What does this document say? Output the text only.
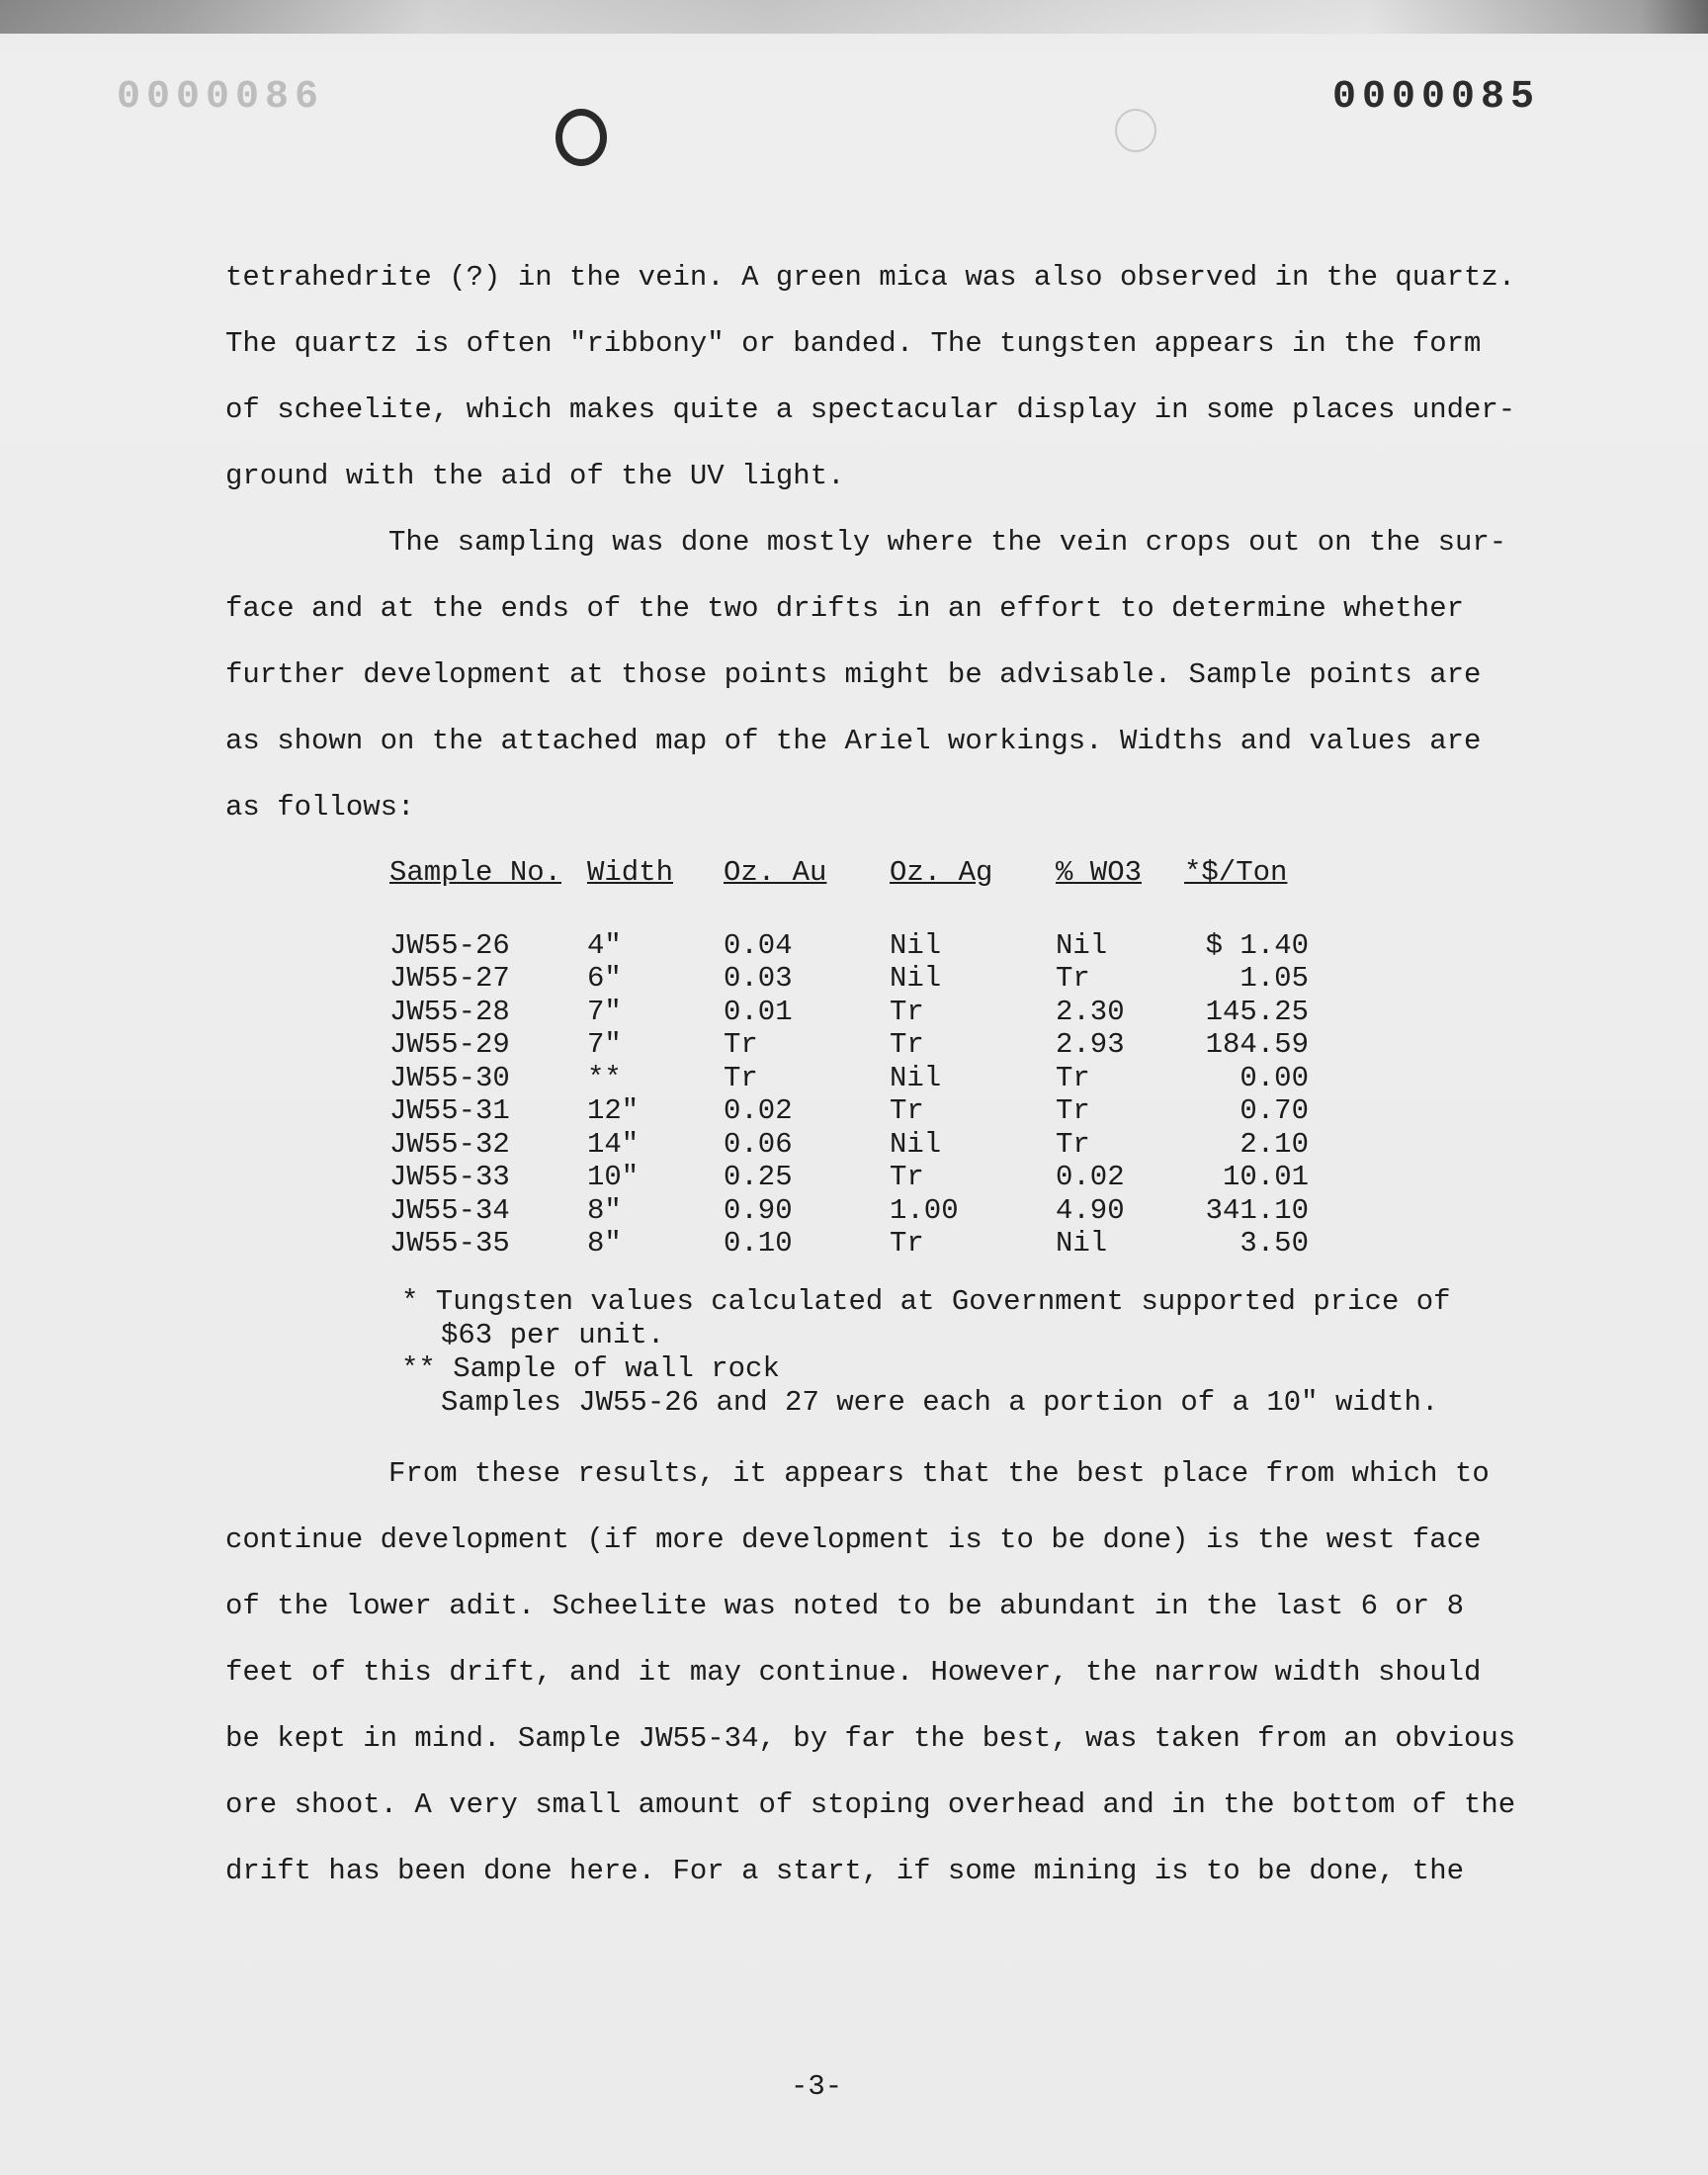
0000086	0000085

tetrahedrite (?) in the vein. A green mica was also observed in the quartz.

The quartz is often "ribbony" or banded. The tungsten appears in the form

of scheelite, which makes quite a spectacular display in some places under-

ground with the aid of the UV light.

The sampling was done mostly where the vein crops out on the sur-

face and at the ends of the two drifts in an effort to determine whether

further development at those points might be advisable. Sample points are

as shown on the attached map of the Ariel workings. Widths and values are

as follows:

Sample No.	Width	Oz. Au	Oz. Ag	% WO3	*$/Ton

JW55-26	4"	0.04	Nil	Nil	$ 1.40
JW55-27	6"	0.03	Nil	Tr	1.05
JW55-28	7"	0.01	Tr	2.30	145.25
JW55-29	7"	Tr	Tr	2.93	184.59
JW55-30	**	Tr	Nil	Tr	0.00
JW55-31	12"	0.02	Tr	Tr	0.70
JW55-32	14"	0.06	Nil	Tr	2.10
JW55-33	10"	0.25	Tr	0.02	10.01
JW55-34	8"	0.90	1.00	4.90	341.10
JW55-35	8"	0.10	Tr	Nil	3.50
* Tungsten values calculated at Government supported price of
$63 per unit.
** Sample of wall rock
Samples JW55-26 and 27 were each a portion of a 10" width.

From these results, it appears that the best place from which to

continue development (if more development is to be done) is the west face

of the lower adit. Scheelite was noted to be abundant in the last 6 or 8

feet of this drift, and it may continue. However, the narrow width should

be kept in mind. Sample JW55-34, by far the best, was taken from an obvious

ore shoot. A very small amount of stoping overhead and in the bottom of the

drift has been done here. For a start, if some mining is to be done, the

-3-
